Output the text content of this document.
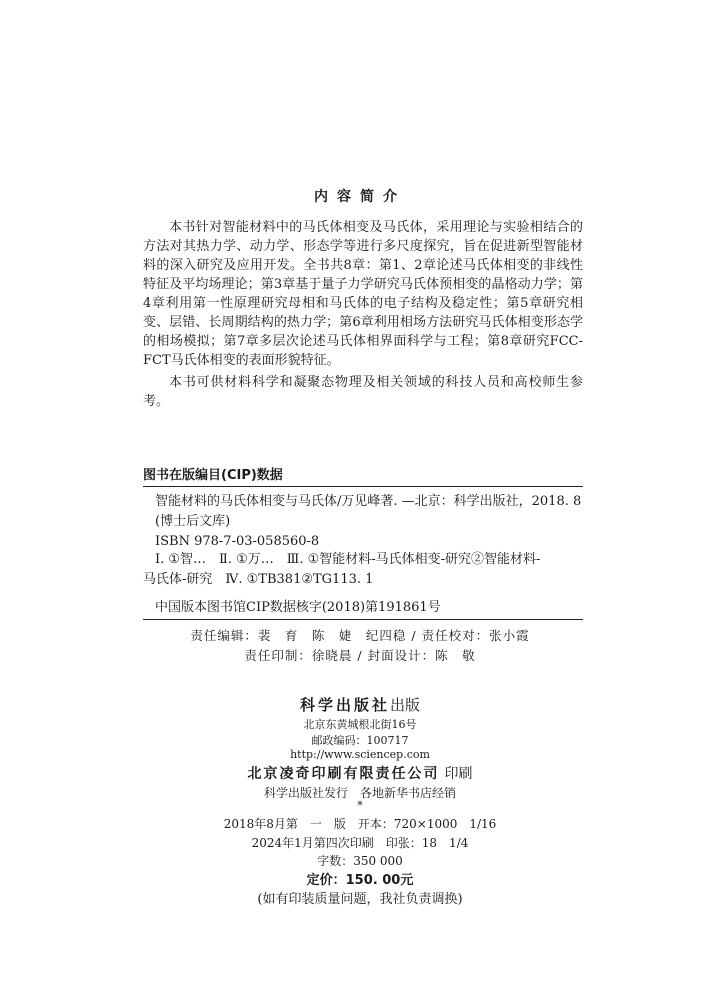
内容简介

本书针对智能材料中的马氏体相变及马氏体，采用理论与实验相结合的方法对其热力学、动力学、形态学等进行多尺度探究，旨在促进新型智能材料的深入研究及应用开发。全书共8章：第1、2章论述马氏体相变的非线性特征及平均场理论；第3章基于量子力学研究马氏体预相变的晶格动力学；第4章利用第一性原理研究母相和马氏体的电子结构及稳定性；第5章研究相变、层错、长周期结构的热力学；第6章利用相场方法研究马氏体相变形态学的相场模拟；第7章多层次论述马氏体相界面科学与工程；第8章研究FCC-FCT马氏体相变的表面形貌特征。

本书可供材料科学和凝聚态物理及相关领域的科技人员和高校师生参考。

图书在版编目(CIP)数据
智能材料的马氏体相变与马氏体/万见峰著. —北京：科学出版社，2018. 8
(博士后文库)
ISBN 978-7-03-058560-8
Ⅰ. ①智…　Ⅱ. ①万…　Ⅲ. ①智能材料-马氏体相变-研究②智能材料-
马氏体-研究　Ⅳ. ①TB381②TG113. 1
中国版本图书馆CIP数据核字(2018)第191861号
责任编辑：裴　育　陈　婕　纪四稳 / 责任校对：张小霞
责任印制：徐晓晨 / 封面设计：陈　敬
科学出版社出版
北京东黄城根北街16号
邮政编码：100717
http://www.sciencep.com
北京凌奇印刷有限责任公司 印刷
科学出版社发行　各地新华书店经销
*
2018年8月第　一　版　开本：720×1000　1/16
2024年1月第四次印刷　印张：18　1/4
字数：350 000
定价：150. 00元
(如有印装质量问题，我社负责调换)
